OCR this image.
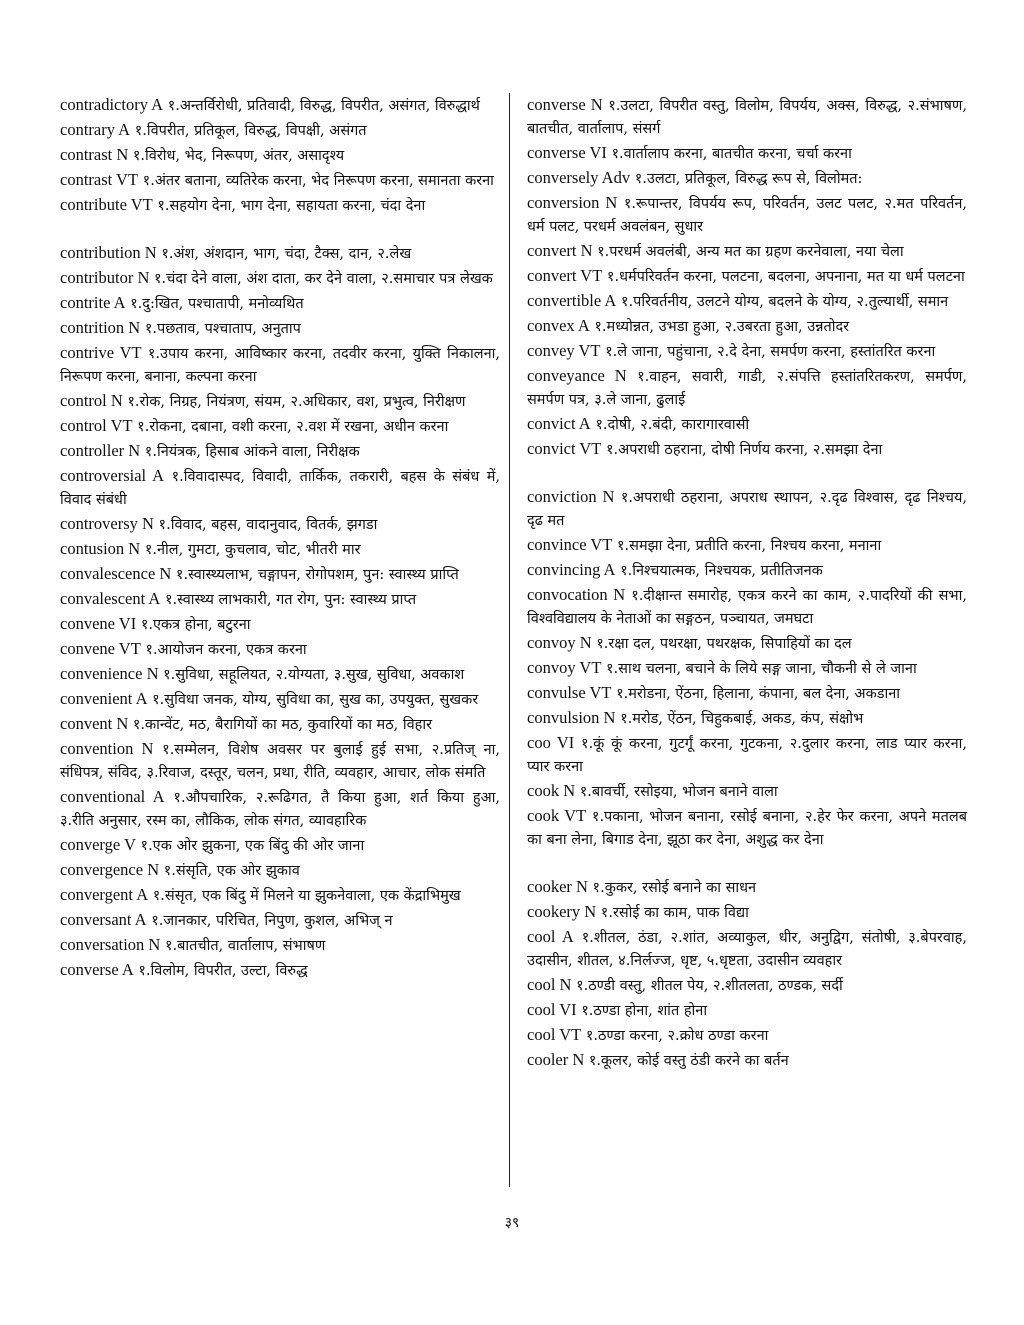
contradictory A १.अन्तर्विरोधी, प्रतिवादी, विरुद्ध, विपरीत, असंगत, विरुद्धार्थ

contrary A १.विपरीत, प्रतिकूल, विरुद्ध, विपक्षी, असंगत

contrast N १.विरोध, भेद, निरूपण, अंतर, असादृश्य

contrast VT १.अंतर बताना, व्यतिरेक करना, भेद निरूपण करना, समानता करना

contribute VT १.सहयोग देना, भाग देना, सहायता करना, चंदा देना

contribution N १.अंश, अंशदान, भाग, चंदा, टैक्स, दान, २.लेख

contributor N १.चंदा देने वाला, अंश दाता, कर देने वाला, २.समाचार पत्र लेखक

contrite A १.दु:खित, पश्चातापी, मनोव्यथित

contrition N १.पछताव, पश्चाताप, अनुताप

contrive VT १.उपाय करना, आविष्कार करना, तदवीर करना, युक्ति निकालना, निरूपण करना, बनाना, कल्पना करना

control N १.रोक, निग्रह, नियंत्रण, संयम, २.अधिकार, वश, प्रभुत्व, निरीक्षण

control VT १.रोकना, दबाना, वशी करना, २.वश में रखना, अधीन करना

controller N १.नियंत्रक, हिसाब आंकने वाला, निरीक्षक

controversial A १.विवादास्पद, विवादी, तार्किक, तकरारी, बहस के संबंध में, विवाद संबंधी

controversy N १.विवाद, बहस, वादानुवाद, वितर्क, झगडा

contusion N १.नील, गुमटा, कुचलाव, चोट, भीतरी मार

convalescence N १.स्वास्थ्यलाभ, चङ्गापन, रोगोपशम, पुन: स्वास्थ्य प्राप्ति

convalescent A १.स्वास्थ्य लाभकारी, गत रोग, पुन: स्वास्थ्य प्राप्त

convene VI १.एकत्र होना, बटुरना

convene VT १.आयोजन करना, एकत्र करना

convenience N १.सुविधा, सहूलियत, २.योग्यता, ३.सुख, सुविधा, अवकाश

convenient A १.सुविधा जनक, योग्य, सुविधा का, सुख का, उपयुक्त, सुखकर

convent N १.कान्वेंट, मठ, बैरागियों का मठ, कुवारियों का मठ, विहार

convention N १.सम्मेलन, विशेष अवसर पर बुलाई हुई सभा, २.प्रतिज् ना, संधिपत्र, संविद, ३.रिवाज, दस्तूर, चलन, प्रथा, रीति, व्यवहार, आचार, लोक संमति

conventional A १.औपचारिक, २.रूढिगत, तै किया हुआ, शर्त किया हुआ, ३.रीति अनुसार, रस्म का, लौकिक, लोक संगत, व्यावहारिक

converge V १.एक ओर झुकना, एक बिंदु की ओर जाना

convergence N १.संसृति, एक ओर झुकाव

convergent A १.संसृत, एक बिंदु में मिलने या झुकनेवाला, एक केंद्राभिमुख

conversant A १.जानकार, परिचित, निपुण, कुशल, अभिज् न

conversation N १.बातचीत, वार्तालाप, संभाषण

converse A १.विलोम, विपरीत, उल्टा, विरुद्ध

converse N १.उलटा, विपरीत वस्तु, विलोम, विपर्यय, अक्स, विरुद्ध, २.संभाषण, बातचीत, वार्तालाप, संसर्ग

converse VI १.वार्तालाप करना, बातचीत करना, चर्चा करना

conversely Adv १.उलटा, प्रतिकूल, विरुद्ध रूप से, विलोमत:

conversion N १.रूपान्तर, विपर्यय रूप, परिवर्तन, उलट पलट, २.मत परिवर्तन, धर्म पलट, परधर्म अवलंबन, सुधार

convert N १.परधर्म अवलंबी, अन्य मत का ग्रहण करनेवाला, नया चेला

convert VT १.धर्मपरिवर्तन करना, पलटना, बदलना, अपनाना, मत या धर्म पलटना

convertible A १.परिवर्तनीय, उलटने योग्य, बदलने के योग्य, २.तुल्यार्थी, समान

convex A १.मध्योन्नत, उभडा हुआ, २.उबरता हुआ, उन्नतोदर

convey VT १.ले जाना, पहुंचाना, २.दे देना, समर्पण करना, हस्तांतरित करना

conveyance N १.वाहन, सवारी, गाडी, २.संपत्ति हस्तांतरितकरण, समर्पण, समर्पण पत्र, ३.ले जाना, ढुलाई

convict A १.दोषी, २.बंदी, कारागारवासी

convict VT १.अपराधी ठहराना, दोषी निर्णय करना, २.समझा देना

conviction N १.अपराधी ठहराना, अपराध स्थापन, २.दृढ विश्वास, दृढ निश्चय, दृढ मत

convince VT १.समझा देना, प्रतीति करना, निश्चय करना, मनाना

convincing A १.निश्चयात्मक, निश्चयक, प्रतीतिजनक

convocation N १.दीक्षान्त समारोह, एकत्र करने का काम, २.पादरियों की सभा, विश्वविद्यालय के नेताओं का सङ्गठन, पञ्चायत, जमघटा

convoy N १.रक्षा दल, पथरक्षा, पथरक्षक, सिपाहियों का दल

convoy VT १.साथ चलना, बचाने के लिये सङ्ग जाना, चौकनी से ले जाना

convulse VT १.मरोडना, ऐंठना, हिलाना, कंपाना, बल देना, अकडाना

convulsion N १.मरोड, ऐंठन, चिहुकबाई, अकड, कंप, संक्षोभ

coo VI १.कूं कूं करना, गुटर्गूं करना, गुटकना, २.दुलार करना, लाड प्यार करना, प्यार करना

cook N १.बावर्ची, रसोइया, भोजन बनाने वाला

cook VT १.पकाना, भोजन बनाना, रसोई बनाना, २.हेर फेर करना, अपने मतलब का बना लेना, बिगाड देना, झूठा कर देना, अशुद्ध कर देना

cooker N १.कुकर, रसोई बनाने का साधन

cookery N १.रसोई का काम, पाक विद्या

cool A १.शीतल, ठंडा, २.शांत, अव्याकुल, धीर, अनुद्विग, संतोषी, ३.बेपरवाह, उदासीन, शीतल, ४.निर्लज्ज, धृष्ट, ५.धृष्टता, उदासीन व्यवहार

cool N १.ठण्डी वस्तु, शीतल पेय, २.शीतलता, ठण्डक, सर्दी

cool VI १.ठण्डा होना, शांत होना

cool VT १.ठण्डा करना, २.क्रोध ठण्डा करना

cooler N १.कूलर, कोई वस्तु ठंडी करने का बर्तन

३९
